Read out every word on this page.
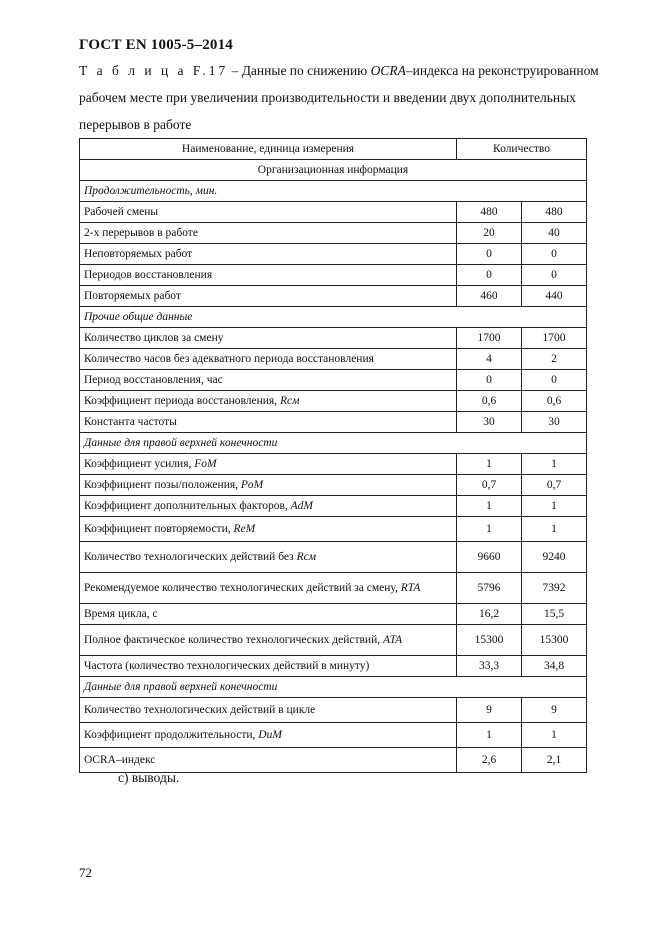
ГОСТ EN 1005-5–2014
Т а б л и ц а F.17 – Данные по снижению OCRA–индекса на реконструированном рабочем месте при увеличении производительности и введении двух дополнительных перерывов в работе
Наименование, единица измерения	Количество	
Организационная информация		
Продолжительность, мин.		
Рабочей смены	480	480
2-х перерывов в работе	20	40
Неповторяемых работ	0	0
Периодов восстановления	0	0
Повторяемых работ	460	440
Прочие общие данные		
Количество циклов за смену	1700	1700
Количество часов без адекватного периода восстановления	4	2
Период восстановления, час	0	0
Коэффициент периода восстановления, Rсм	0,6	0,6
Константа частоты	30	30
Данные для правой верхней конечности		
Коэффициент усилия, FoM	1	1
Коэффициент позы/положения, PoM	0,7	0,7
Коэффициент дополнительных факторов, AdM	1	1
Коэффициент повторяемости, ReM	1	1
Количество технологических действий без Rсм	9660	9240
Рекомендуемое количество технологических действий за смену, RTA	5796	7392
Время цикла, с	16,2	15,5
Полное фактическое количество технологических действий, ATA	15300	15300
Частота (количество технологических действий в минуту)	33,3	34,8
Данные для правой верхней конечности		
Количество технологических действий в цикле	9	9
Коэффициент продолжительности, DuM	1	1
OCRA–индекс	2,6	2,1
с) выводы.
72
